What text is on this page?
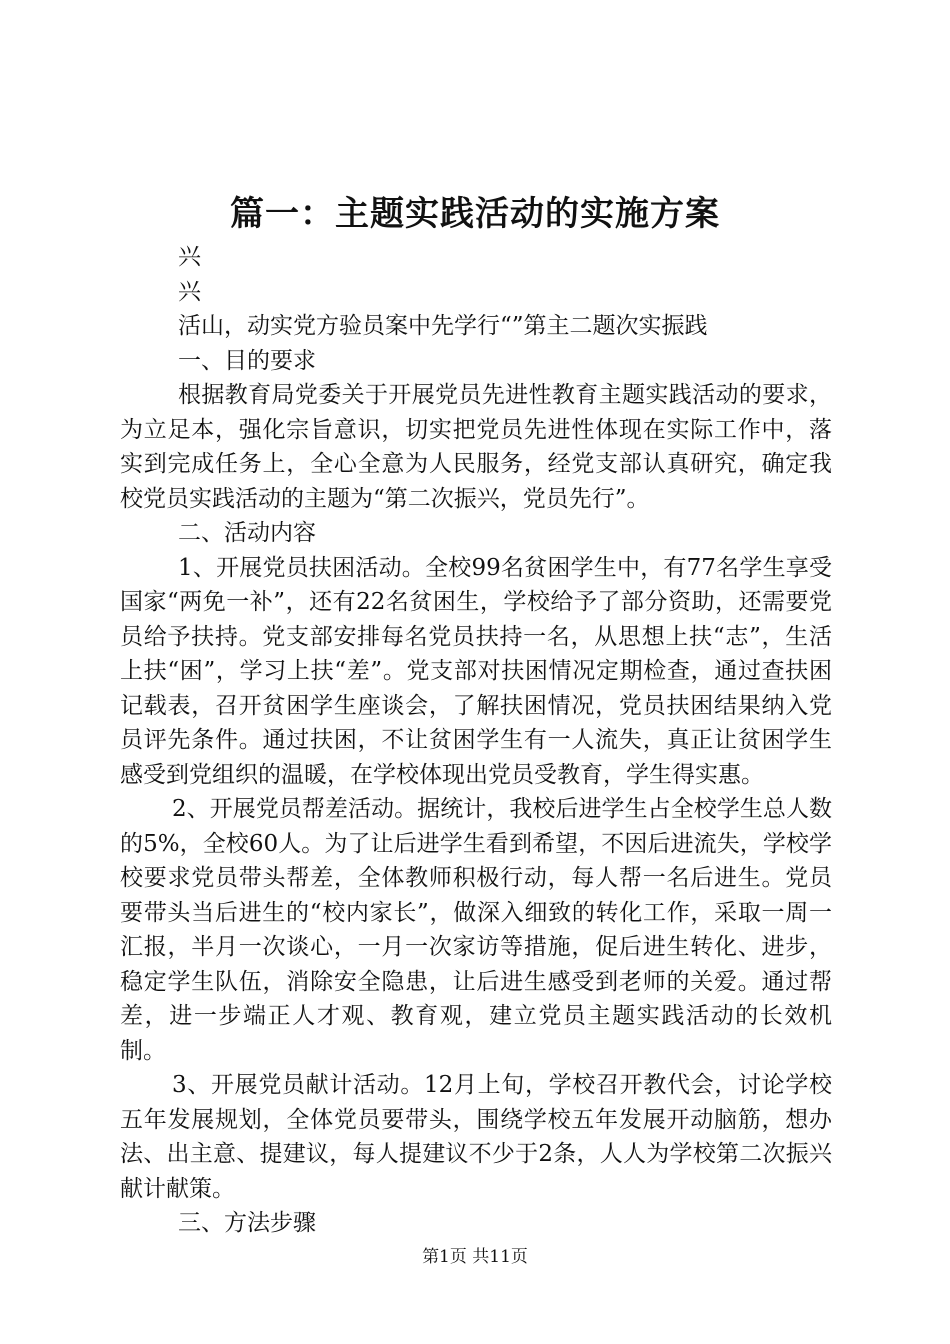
篇一：主题实践活动的实施方案
兴
兴
活山，动实党方验员案中先学行“”第主二题次实振践
一、目的要求
根据教育局党委关于开展党员先进性教育主题实践活动的要求，为立足本，强化宗旨意识，切实把党员先进性体现在实际工作中，落实到完成任务上，全心全意为人民服务，经党支部认真研究，确定我校党员实践活动的主题为“第二次振兴，党员先行”。
二、活动内容
1、开展党员扶困活动。全校99名贫困学生中，有77名学生享受国家“两免一补”，还有22名贫困生，学校给予了部分资助，还需要党员给予扶持。党支部安排每名党员扶持一名，从思想上扶“志”，生活上扶“困”，学习上扶“差”。党支部对扶困情况定期检查，通过查扶困记载表，召开贫困学生座谈会，了解扶困情况，党员扶困结果纳入党员评先条件。通过扶困，不让贫困学生有一人流失，真正让贫困学生感受到党组织的温暖，在学校体现出党员受教育，学生得实惠。
2、开展党员帮差活动。据统计，我校后进学生占全校学生总人数的5%，全校60人。为了让后进学生看到希望，不因后进流失，学校学校要求党员带头帮差，全体教师积极行动，每人帮一名后进生。党员要带头当后进生的“校内家长”，做深入细致的转化工作，采取一周一汇报，半月一次谈心，一月一次家访等措施，促后进生转化、进步，稳定学生队伍，消除安全隐患，让后进生感受到老师的关爱。通过帮差，进一步端正人才观、教育观，建立党员主题实践活动的长效机制。
3、开展党员献计活动。12月上旬，学校召开教代会，讨论学校五年发展规划，全体党员要带头，围绕学校五年发展开动脑筋，想办法、出主意、提建议，每人提建议不少于2条，人人为学校第二次振兴献计献策。
三、方法步骤
第1页 共11页
